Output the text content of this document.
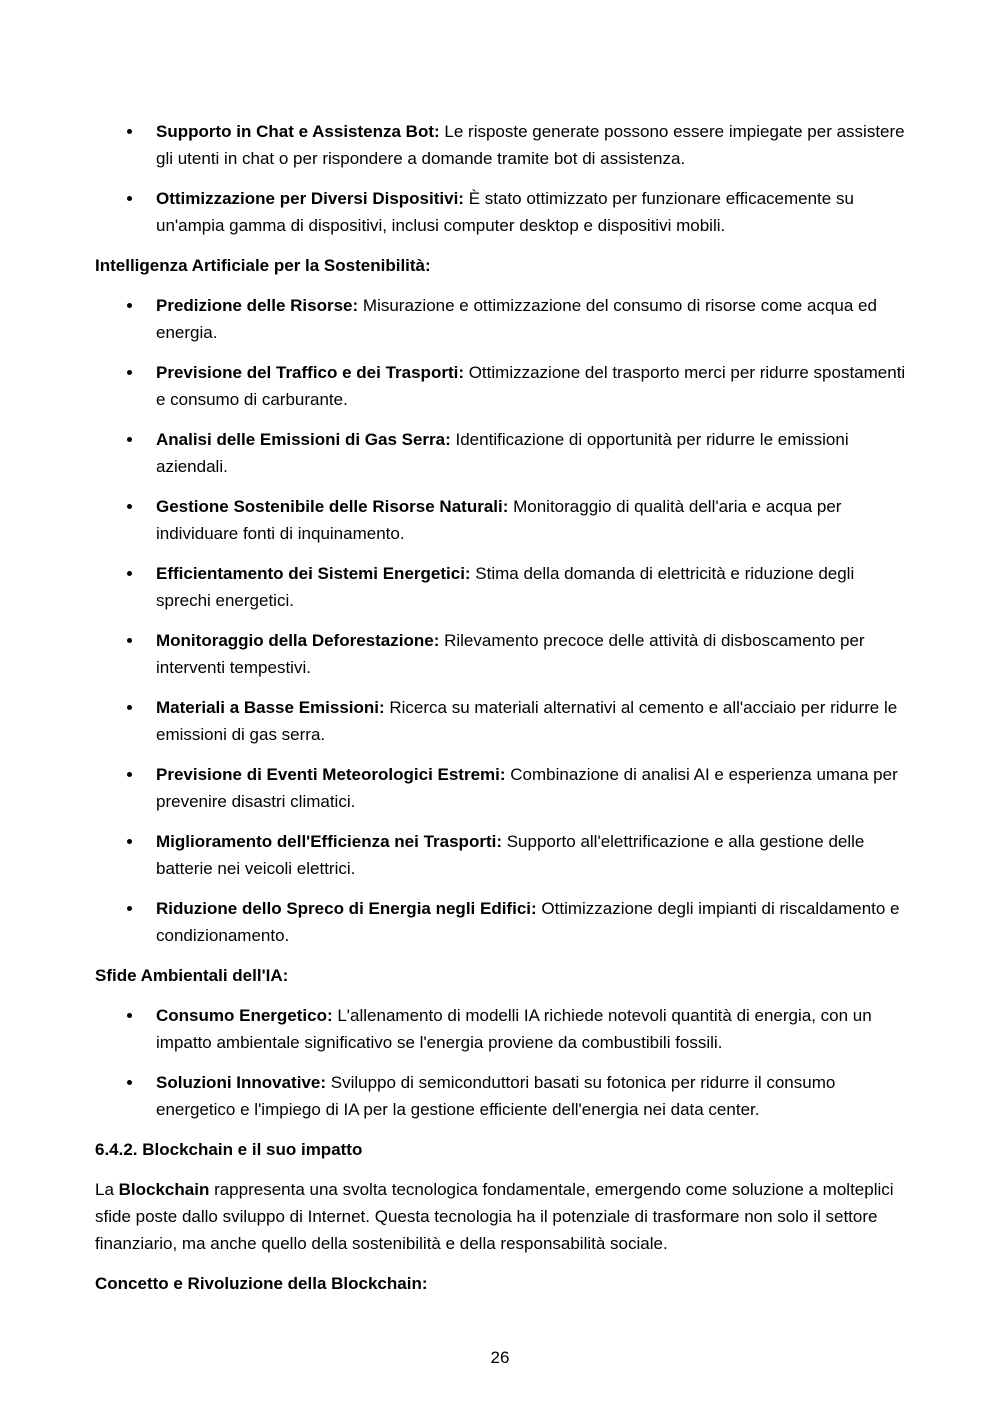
Supporto in Chat e Assistenza Bot: Le risposte generate possono essere impiegate per assistere gli utenti in chat o per rispondere a domande tramite bot di assistenza.
Ottimizzazione per Diversi Dispositivi: È stato ottimizzato per funzionare efficacemente su un'ampia gamma di dispositivi, inclusi computer desktop e dispositivi mobili.
Intelligenza Artificiale per la Sostenibilità:
Predizione delle Risorse: Misurazione e ottimizzazione del consumo di risorse come acqua ed energia.
Previsione del Traffico e dei Trasporti: Ottimizzazione del trasporto merci per ridurre spostamenti e consumo di carburante.
Analisi delle Emissioni di Gas Serra: Identificazione di opportunità per ridurre le emissioni aziendali.
Gestione Sostenibile delle Risorse Naturali: Monitoraggio di qualità dell'aria e acqua per individuare fonti di inquinamento.
Efficientamento dei Sistemi Energetici: Stima della domanda di elettricità e riduzione degli sprechi energetici.
Monitoraggio della Deforestazione: Rilevamento precoce delle attività di disboscamento per interventi tempestivi.
Materiali a Basse Emissioni: Ricerca su materiali alternativi al cemento e all'acciaio per ridurre le emissioni di gas serra.
Previsione di Eventi Meteorologici Estremi: Combinazione di analisi AI e esperienza umana per prevenire disastri climatici.
Miglioramento dell'Efficienza nei Trasporti: Supporto all'elettrificazione e alla gestione delle batterie nei veicoli elettrici.
Riduzione dello Spreco di Energia negli Edifici: Ottimizzazione degli impianti di riscaldamento e condizionamento.
Sfide Ambientali dell'IA:
Consumo Energetico: L'allenamento di modelli IA richiede notevoli quantità di energia, con un impatto ambientale significativo se l'energia proviene da combustibili fossili.
Soluzioni Innovative: Sviluppo di semiconduttori basati su fotonica per ridurre il consumo energetico e l'impiego di IA per la gestione efficiente dell'energia nei data center.
6.4.2. Blockchain e il suo impatto

La Blockchain rappresenta una svolta tecnologica fondamentale, emergendo come soluzione a molteplici sfide poste dallo sviluppo di Internet. Questa tecnologia ha il potenziale di trasformare non solo il settore finanziario, ma anche quello della sostenibilità e della responsabilità sociale.

Concetto e Rivoluzione della Blockchain:
26
